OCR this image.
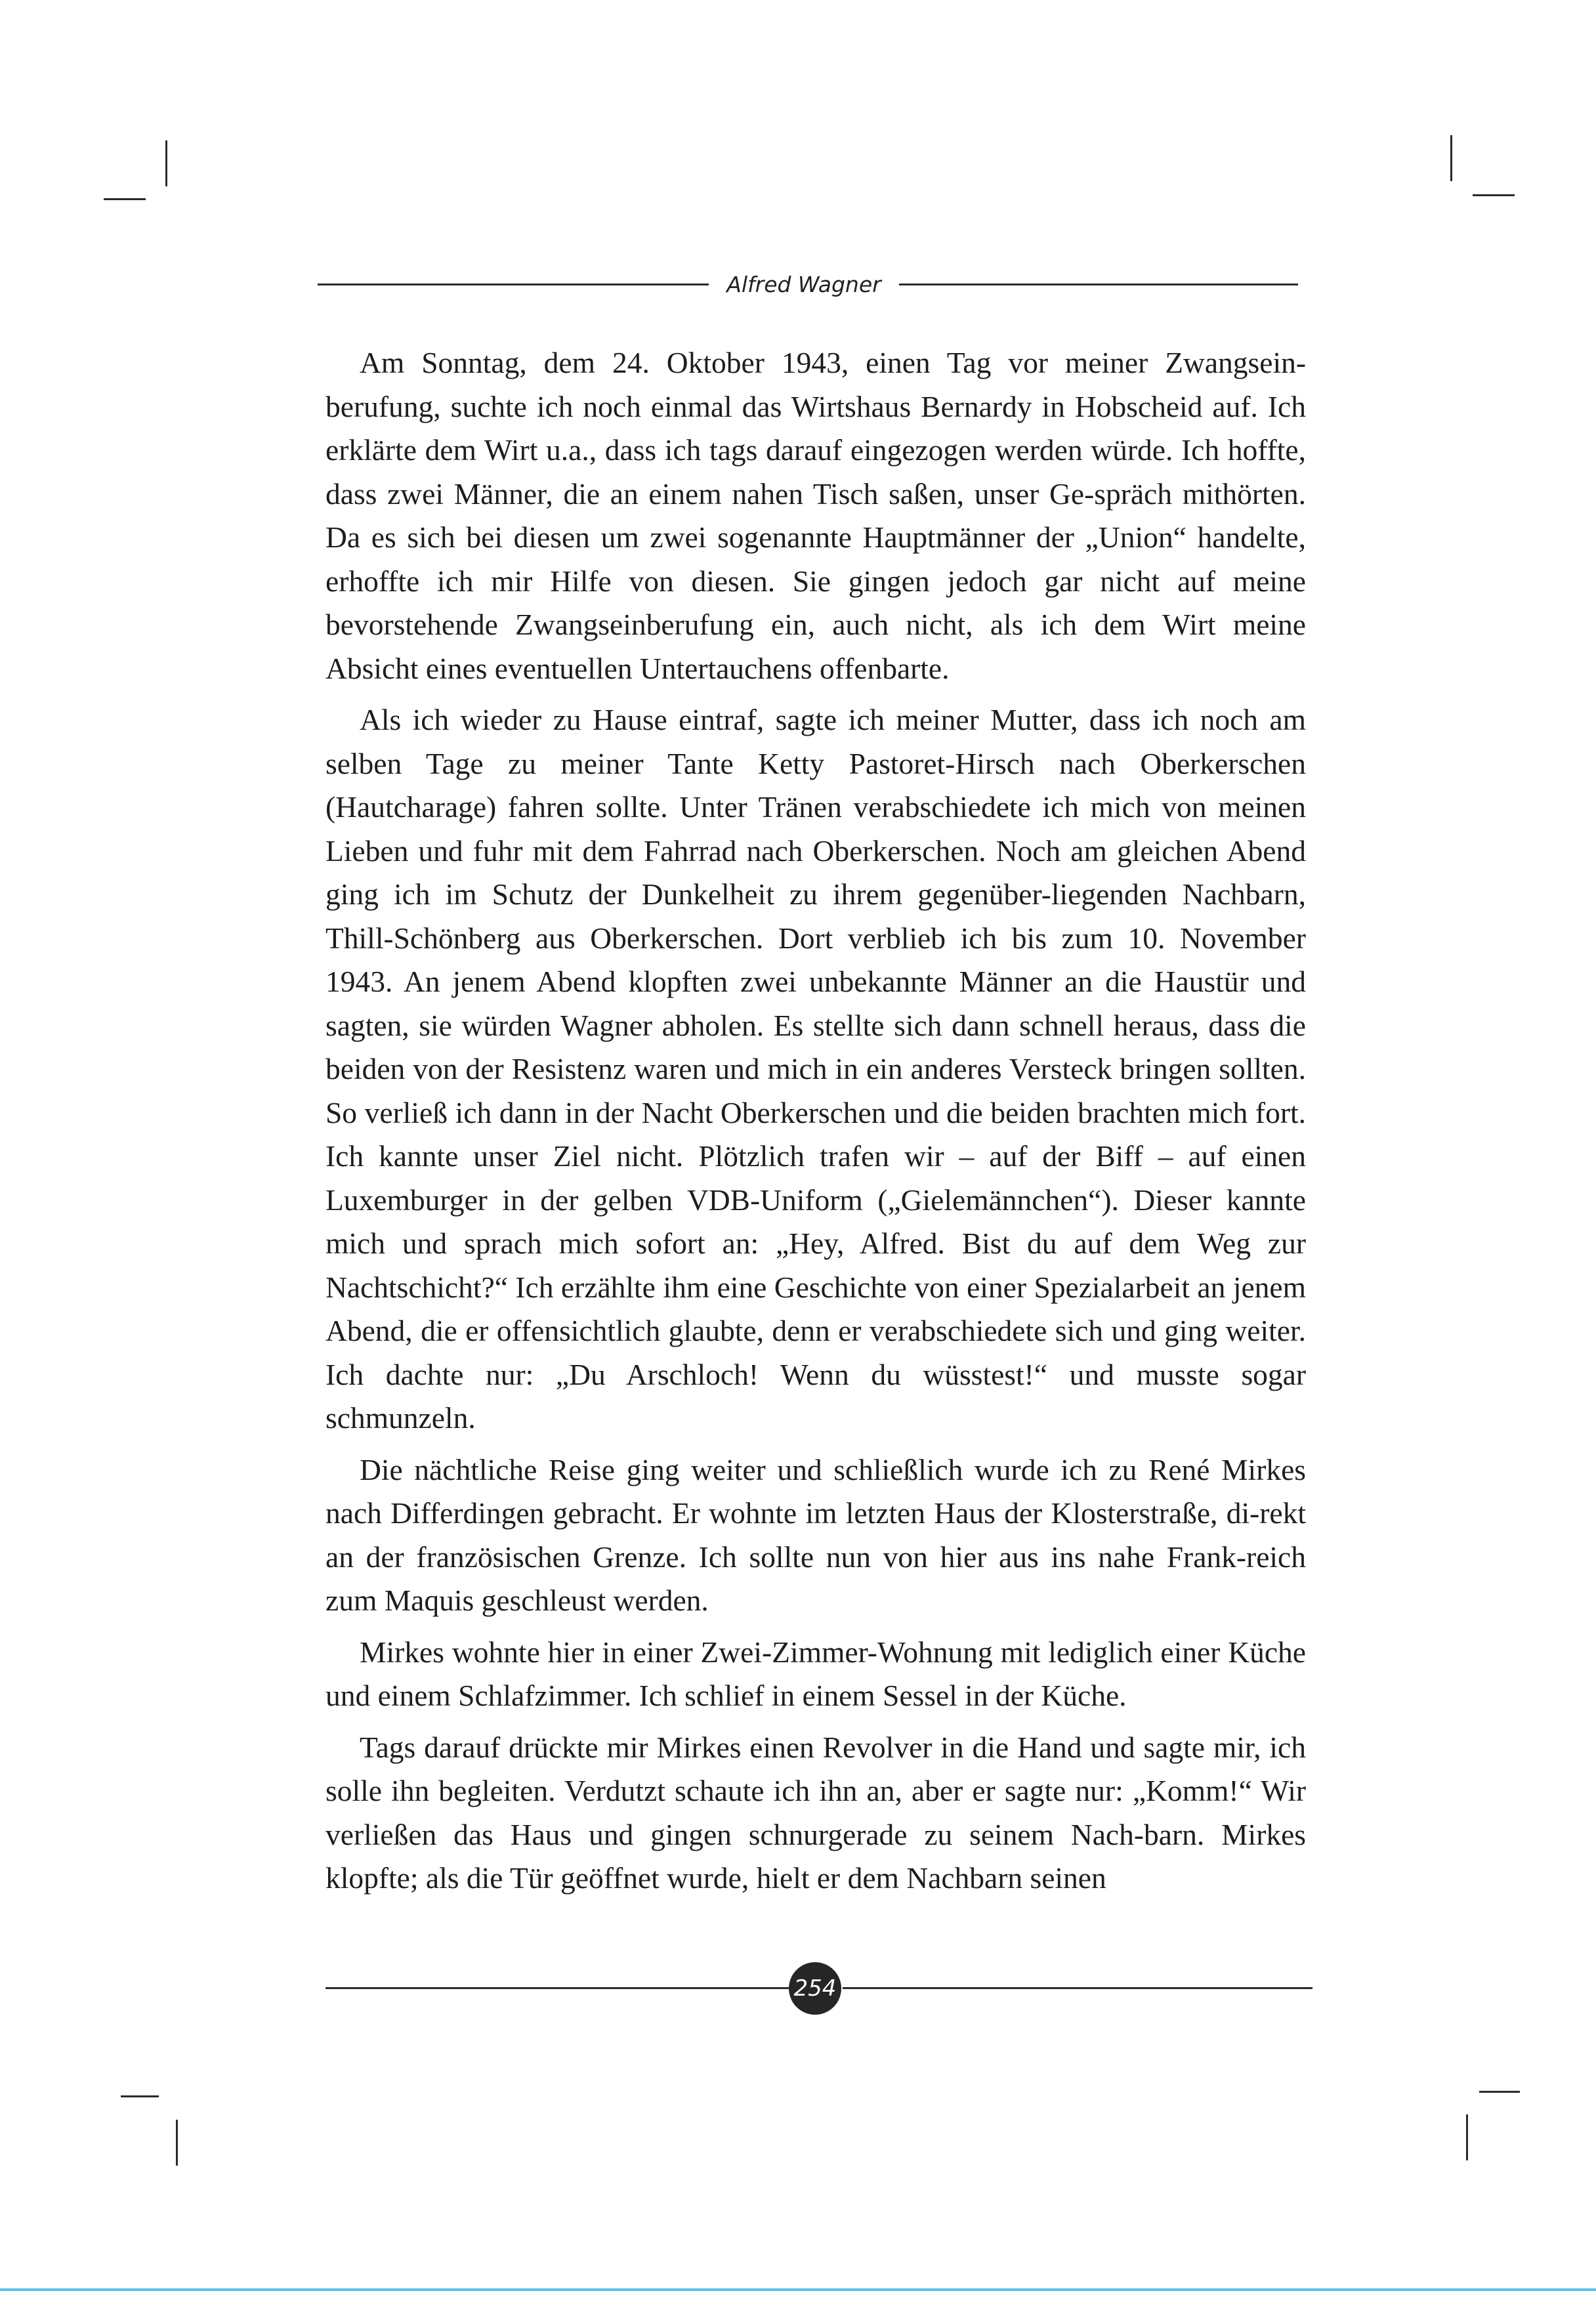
Alfred Wagner

Am Sonntag, dem 24. Oktober 1943, einen Tag vor meiner Zwangsein-berufung, suchte ich noch einmal das Wirtshaus Bernardy in Hobscheid auf. Ich erklärte dem Wirt u.a., dass ich tags darauf eingezogen werden würde. Ich hoffte, dass zwei Männer, die an einem nahen Tisch saßen, unser Ge-spräch mithörten. Da es sich bei diesen um zwei sogenannte Hauptmänner der „Union“ handelte, erhoffte ich mir Hilfe von diesen. Sie gingen jedoch gar nicht auf meine bevorstehende Zwangseinberufung ein, auch nicht, als ich dem Wirt meine Absicht eines eventuellen Untertauchens offenbarte.

Als ich wieder zu Hause eintraf, sagte ich meiner Mutter, dass ich noch am selben Tage zu meiner Tante Ketty Pastoret-Hirsch nach Oberkerschen (Hautcharage) fahren sollte. Unter Tränen verabschiedete ich mich von meinen Lieben und fuhr mit dem Fahrrad nach Oberkerschen. Noch am gleichen Abend ging ich im Schutz der Dunkelheit zu ihrem gegenüber-liegenden Nachbarn, Thill-Schönberg aus Oberkerschen. Dort verblieb ich bis zum 10. November 1943. An jenem Abend klopften zwei unbekannte Männer an die Haustür und sagten, sie würden Wagner abholen. Es stellte sich dann schnell heraus, dass die beiden von der Resistenz waren und mich in ein anderes Versteck bringen sollten. So verließ ich dann in der Nacht Oberkerschen und die beiden brachten mich fort. Ich kannte unser Ziel nicht. Plötzlich trafen wir – auf der Biff – auf einen Luxemburger in der gelben VDB-Uniform („Gielemännchen“). Dieser kannte mich und sprach mich sofort an: „Hey, Alfred. Bist du auf dem Weg zur Nachtschicht?“ Ich erzählte ihm eine Geschichte von einer Spezialarbeit an jenem Abend, die er offensichtlich glaubte, denn er verabschiedete sich und ging weiter. Ich dachte nur: „Du Arschloch! Wenn du wüsstest!“ und musste sogar schmunzeln.

Die nächtliche Reise ging weiter und schließlich wurde ich zu René Mirkes nach Differdingen gebracht. Er wohnte im letzten Haus der Klosterstraße, di-rekt an der französischen Grenze. Ich sollte nun von hier aus ins nahe Frank-reich zum Maquis geschleust werden.

Mirkes wohnte hier in einer Zwei-Zimmer-Wohnung mit lediglich einer Küche und einem Schlafzimmer. Ich schlief in einem Sessel in der Küche.

Tags darauf drückte mir Mirkes einen Revolver in die Hand und sagte mir, ich solle ihn begleiten. Verdutzt schaute ich ihn an, aber er sagte nur: „Komm!“ Wir verließen das Haus und gingen schnurgerade zu seinem Nach-barn. Mirkes klopfte; als die Tür geöffnet wurde, hielt er dem Nachbarn seinen

254
